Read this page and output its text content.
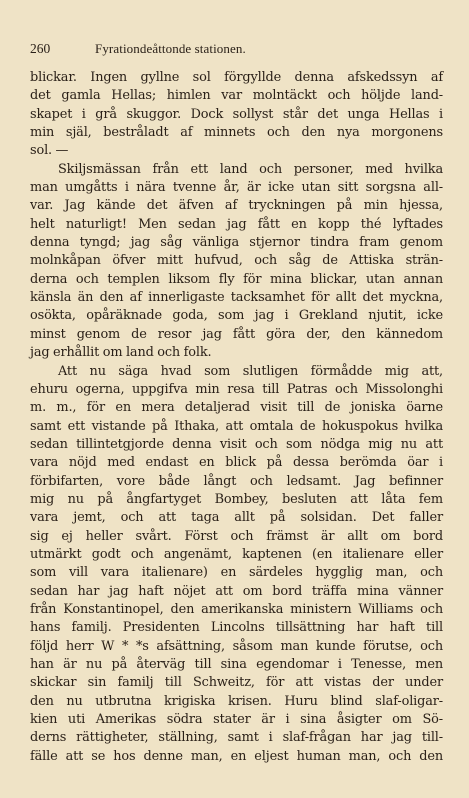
260	Fyrationdeåttonde stationen.
blickar. Ingen gyllne sol förgyllde denna afskedssyn af
det gamla Hellas; himlen var molntäckt och höljde land-
skapet i grå skuggor. Dock sollyst står det unga Hellas i
min själ, bestråladt af minnets och den nya morgonens
sol. —
Skiljsmässan från ett land och personer, med hvilka
man umgåtts i nära tvenne år, är icke utan sitt sorgsna all-
var. Jag kände det äfven af tryckningen på min hjessa,
helt naturligt! Men sedan jag fått en kopp thé lyftades
denna tyngd; jag såg vänliga stjernor tindra fram genom
molnkåpan öfver mitt hufvud, och såg de Attiska strän-
derna och templen liksom fly för mina blickar, utan annan
känsla än den af innerligaste tacksamhet för allt det myckna,
osökta, opåräknade goda, som jag i Grekland njutit, icke
minst genom de resor jag fått göra der, den kännedom
jag erhållit om land och folk.
Att nu säga hvad som slutligen förmådde mig att,
ehuru ogerna, uppgifva min resa till Patras och Missolonghi
m. m., för en mera detaljerad visit till de joniska öarne
samt ett vistande på Ithaka, att omtala de hokuspokus hvilka
sedan tillintetgjorde denna visit och som nödga mig nu att
vara nöjd med endast en blick på dessa berömda öar i
förbifarten, vore både långt och ledsamt. Jag befinner
mig nu på ångfartyget Bombey, besluten att låta fem
vara jemt, och att taga allt på solsidan. Det faller
sig ej heller svårt. Först och främst är allt om bord
utmärkt godt och angenämt, kaptenen (en italienare eller
som vill vara italienare) en särdeles hygglig man, och
sedan har jag haft nöjet att om bord träffa mina vänner
från Konstantinopel, den amerikanska ministern Williams och
hans familj. Presidenten Lincolns tillsättning har haft till
följd herr W * *s afsättning, såsom man kunde förutse, och
han är nu på återväg till sina egendomar i Tenesse, men
skickar sin familj till Schweitz, för att vistas der under
den nu utbrutna krigiska krisen. Huru blind slaf-oligar-
kien uti Amerikas södra stater är i sina åsigter om Sö-
derns rättigheter, ställning, samt i slaf-frågan har jag till-
fälle att se hos denne man, en eljest human man, och den
